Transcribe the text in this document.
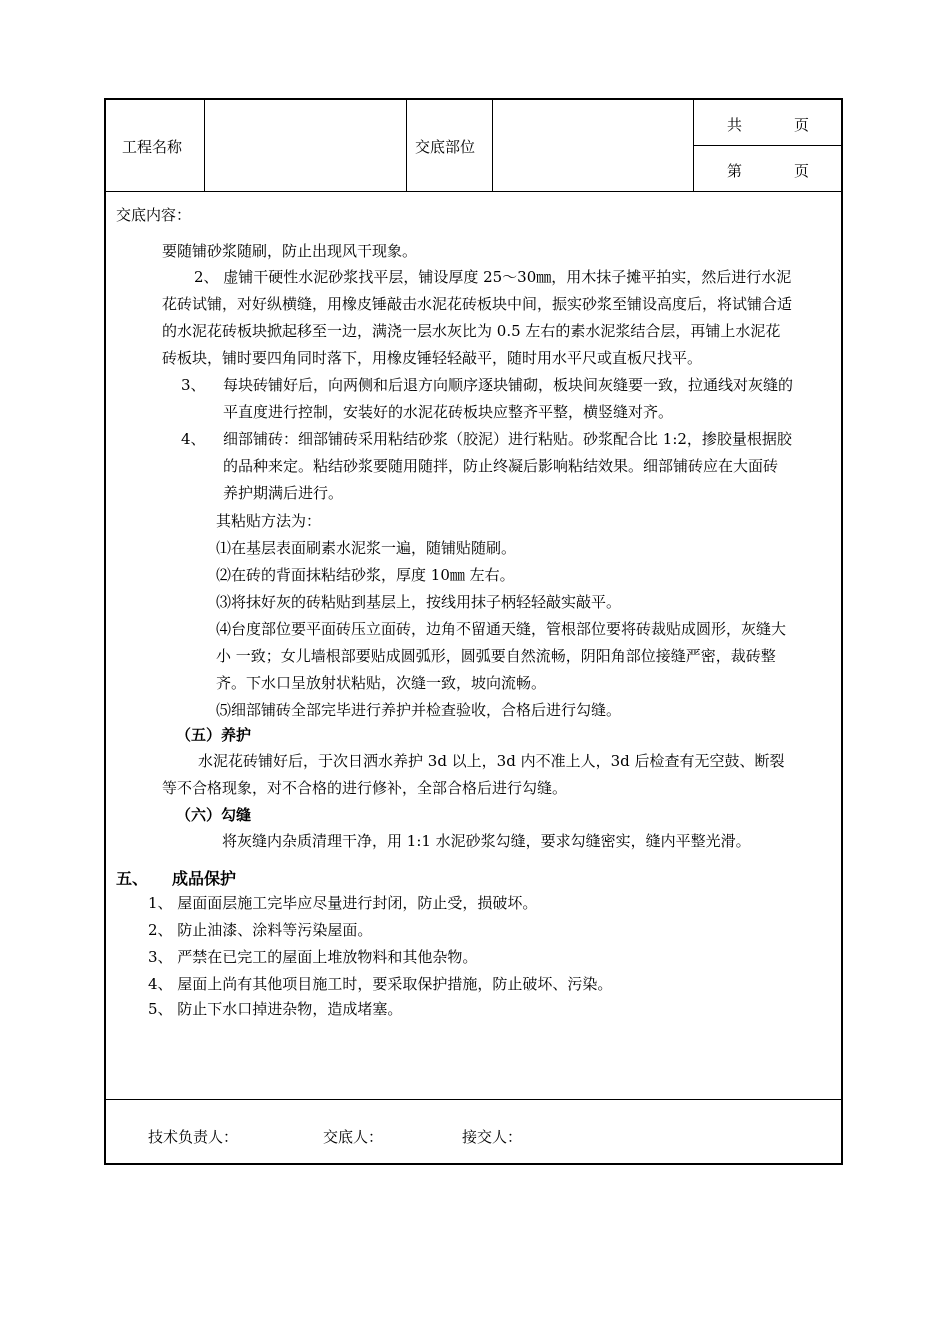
工程名称	交底部位
共	页
第	页
交底内容：
要随铺砂浆随刷，防止出现风干现象。
2、 虚铺干硬性水泥砂浆找平层，铺设厚度 25～30㎜，用木抹子摊平拍实，然后进行水泥
花砖试铺，对好纵横缝，用橡皮锤敲击水泥花砖板块中间，振实砂浆至铺设高度后，将试铺合适
的水泥花砖板块掀起移至一边，满浇一层水灰比为 0.5 左右的素水泥浆结合层，再铺上水泥花
砖板块，铺时要四角同时落下，用橡皮锤轻轻敲平，随时用水平尺或直板尺找平。
3、 每块砖铺好后，向两侧和后退方向顺序逐块铺砌，板块间灰缝要一致，拉通线对灰缝的
平直度进行控制，安装好的水泥花砖板块应整齐平整，横竖缝对齐。
4、 细部铺砖：细部铺砖采用粘结砂浆（胶泥）进行粘贴。砂浆配合比 1:2，掺胶量根据胶
的品种来定。粘结砂浆要随用随拌，防止终凝后影响粘结效果。细部铺砖应在大面砖
养护期满后进行。
其粘贴方法为：
⑴在基层表面刷素水泥浆一遍，随铺贴随刷。
⑵在砖的背面抹粘结砂浆，厚度 10㎜ 左右。
⑶将抹好灰的砖粘贴到基层上，按线用抹子柄轻轻敲实敲平。
⑷台度部位要平面砖压立面砖，边角不留通天缝，管根部位要将砖裁贴成圆形，灰缝大
小 一致；女儿墙根部要贴成圆弧形，圆弧要自然流畅，阴阳角部位接缝严密，裁砖整
齐。下水口呈放射状粘贴，次缝一致，坡向流畅。
⑸细部铺砖全部完毕进行养护并检查验收，合格后进行勾缝。
（五）养护
水泥花砖铺好后，于次日洒水养护 3d 以上，3d 内不准上人，3d 后检查有无空鼓、断裂
等不合格现象，对不合格的进行修补，全部合格后进行勾缝。
（六）勾缝
将灰缝内杂质清理干净，用 1:1 水泥砂浆勾缝，要求勾缝密实，缝内平整光滑。
五、 成品保护
1、 屋面面层施工完毕应尽量进行封闭，防止受，损破坏。
2、 防止油漆、涂料等污染屋面。
3、 严禁在已完工的屋面上堆放物料和其他杂物。
4、 屋面上尚有其他项目施工时，要采取保护措施，防止破坏、污染。
5、 防止下水口掉进杂物，造成堵塞。
技术负责人：	交底人：	接交人：
